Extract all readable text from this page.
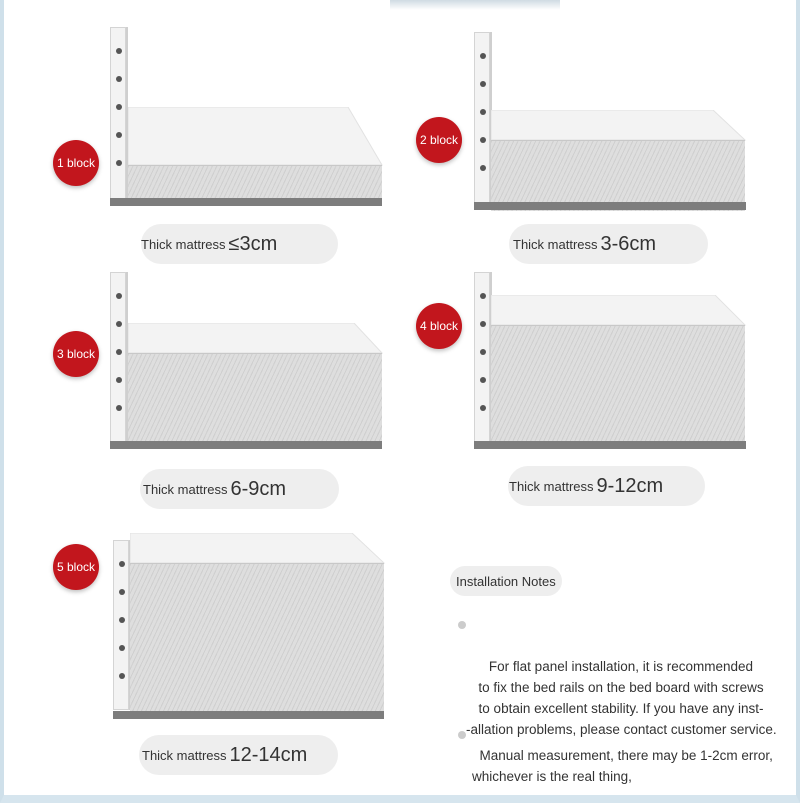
1 block
Thick mattress ≤3cm
2 block
Thick mattress 3-6cm
3 block
Thick mattress 6-9cm
4 block
Thick mattress 9-12cm
5 block
Thick mattress 12-14cm
Installation Notes

For flat panel installation, it is recommended
to fix the bed rails on the bed board with screws
to obtain excellent stability. If you have any inst-
-allation problems, please contact customer service.

Manual measurement, there may be 1-2cm error,
whichever is the real thing,
